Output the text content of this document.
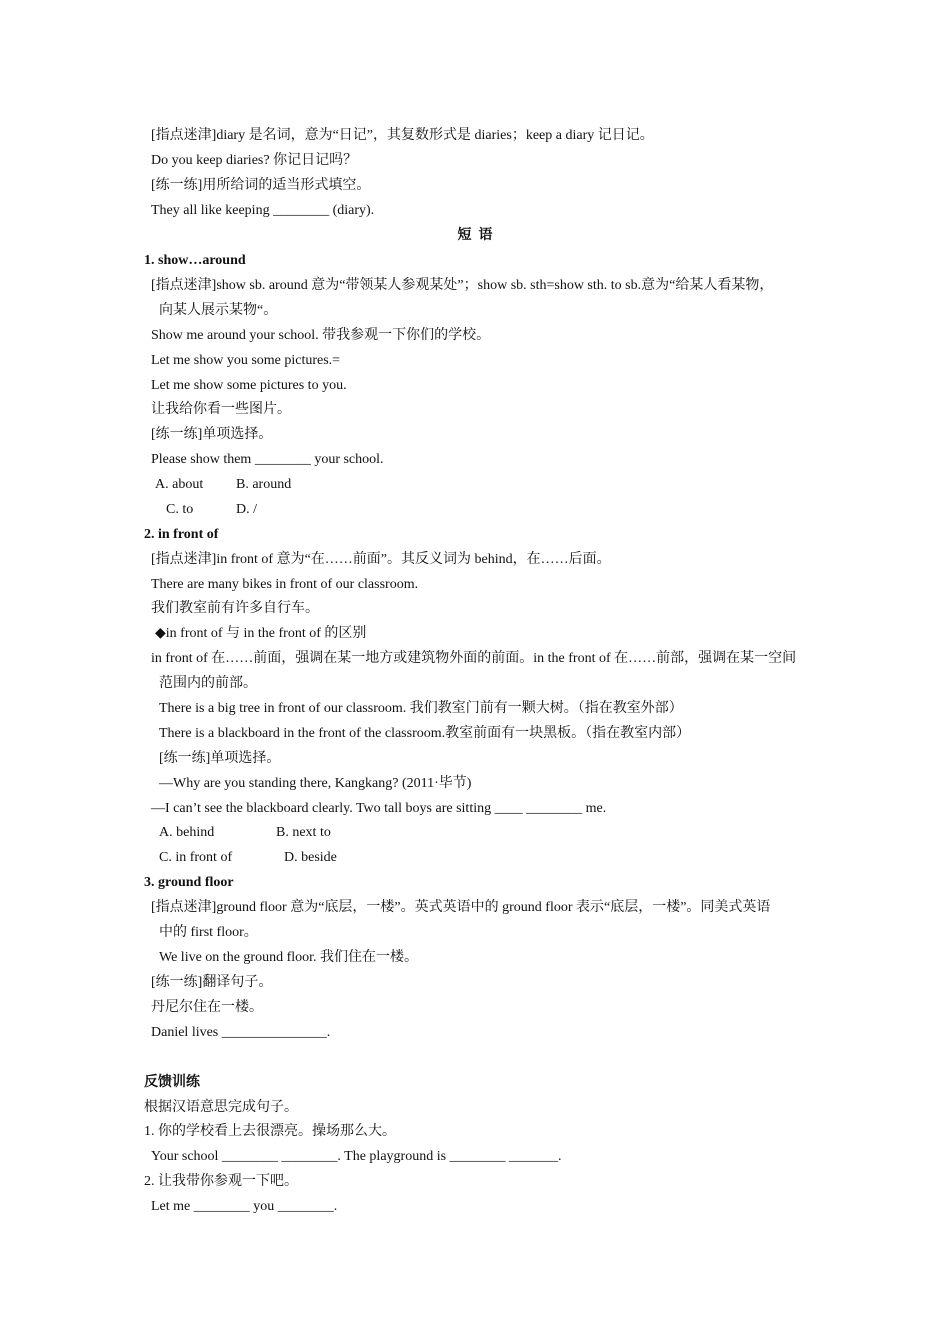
[指点迷津]diary 是名词，意为“日记”，其复数形式是 diaries；keep a diary 记日记。
Do you keep diaries? 你记日记吗？
[练一练]用所给词的适当形式填空。
They all like keeping ________ (diary).
短  语
1. show…around
[指点迷津]show sb. around 意为“带领某人参观某处”；show sb. sth=show sth. to sb.意为“给某人看某物，
向某人展示某物“。
Show me around your school. 带我参观一下你们的学校。
Let me show you some pictures.=
Let me show some pictures to you.
让我给你看一些图片。
[练一练]单项选择。
Please show them ________ your school.
A. about B. around
C. to	D. /
2. in front of
[指点迷津]in front of 意为“在……前面”。其反义词为 behind，在……后面。
There are many bikes in front of our classroom.
我们教室前有许多自行车。
◆in front of 与 in the front of 的区别
in front of 在……前面，强调在某一地方或建筑物外面的前面。in the front of 在……前部，强调在某一空间
范围内的前部。
There is a big tree in front of our classroom. 我们教室门前有一颗大树。（指在教室外部）
There is a blackboard in the front of the classroom.教室前面有一块黑板。（指在教室内部）
[练一练]单项选择。
—Why are you standing there, Kangkang? (2011·毕节)
—I can’t see the blackboard clearly. Two tall boys are sitting ____ ________ me.
A. behind	B. next to
C. in front of	D. beside
3. ground floor
[指点迷津]ground floor 意为“底层，一楼”。英式英语中的 ground floor 表示“底层，一楼”。同美式英语
中的 first floor。
We live on the ground floor. 我们住在一楼。
[练一练]翻译句子。
丹尼尔住在一楼。
Daniel lives _______________.
反馈训练
根据汉语意思完成句子。
1. 你的学校看上去很漂亮。操场那么大。
Your school ________ ________. The playground is ________ _______.
2. 让我带你参观一下吧。
Let me ________ you ________.
